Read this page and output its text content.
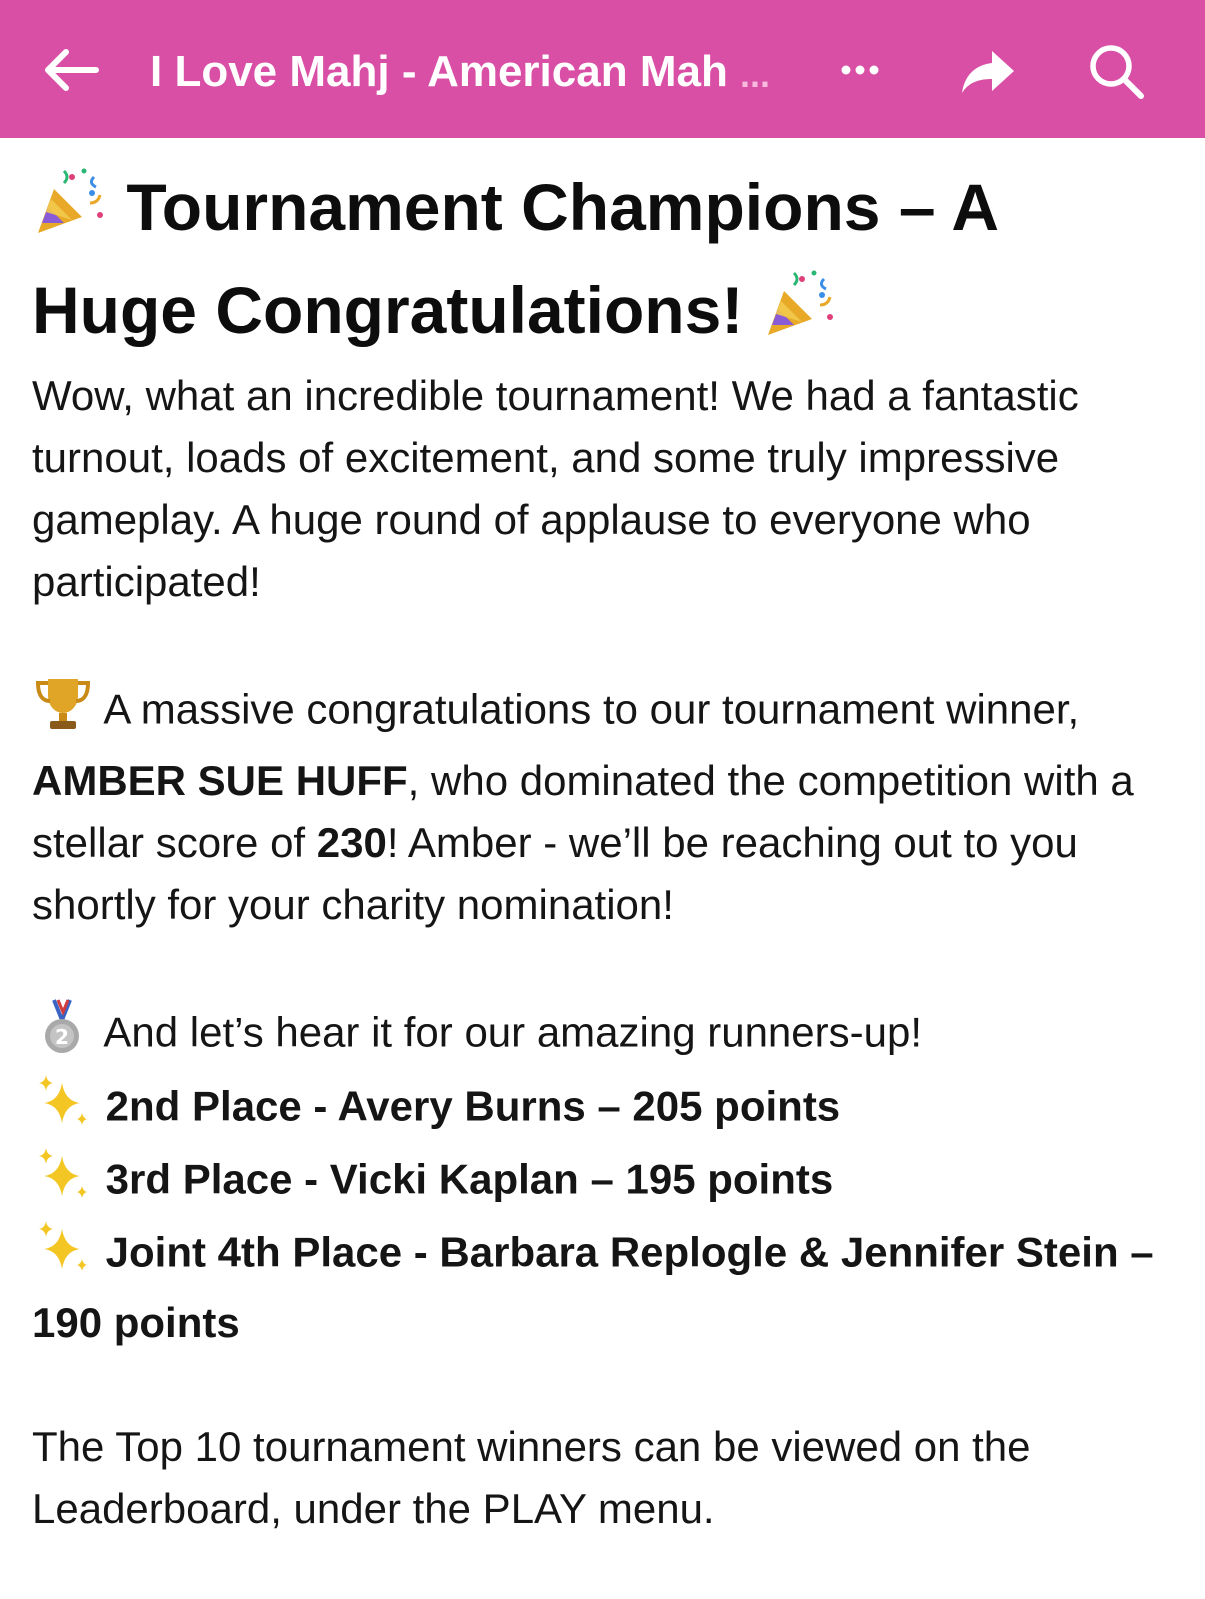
I Love Mahj - American Mah ...
Tournament Champions – A Huge Congratulations!

Wow, what an incredible tournament! We had a fantastic turnout, loads of excitement, and some truly impressive gameplay. A huge round of applause to everyone who participated!

A massive congratulations to our tournament winner, AMBER SUE HUFF, who dominated the competition with a stellar score of 230! Amber - we’ll be reaching out to you shortly for your charity nomination!

2 And let’s hear it for our amazing runners-up!
2nd Place - Avery Burns – 205 points
3rd Place - Vicki Kaplan – 195 points
Joint 4th Place - Barbara Replogle & Jennifer Stein – 190 points

The Top 10 tournament winners can be viewed on the Leaderboard, under the PLAY menu.
